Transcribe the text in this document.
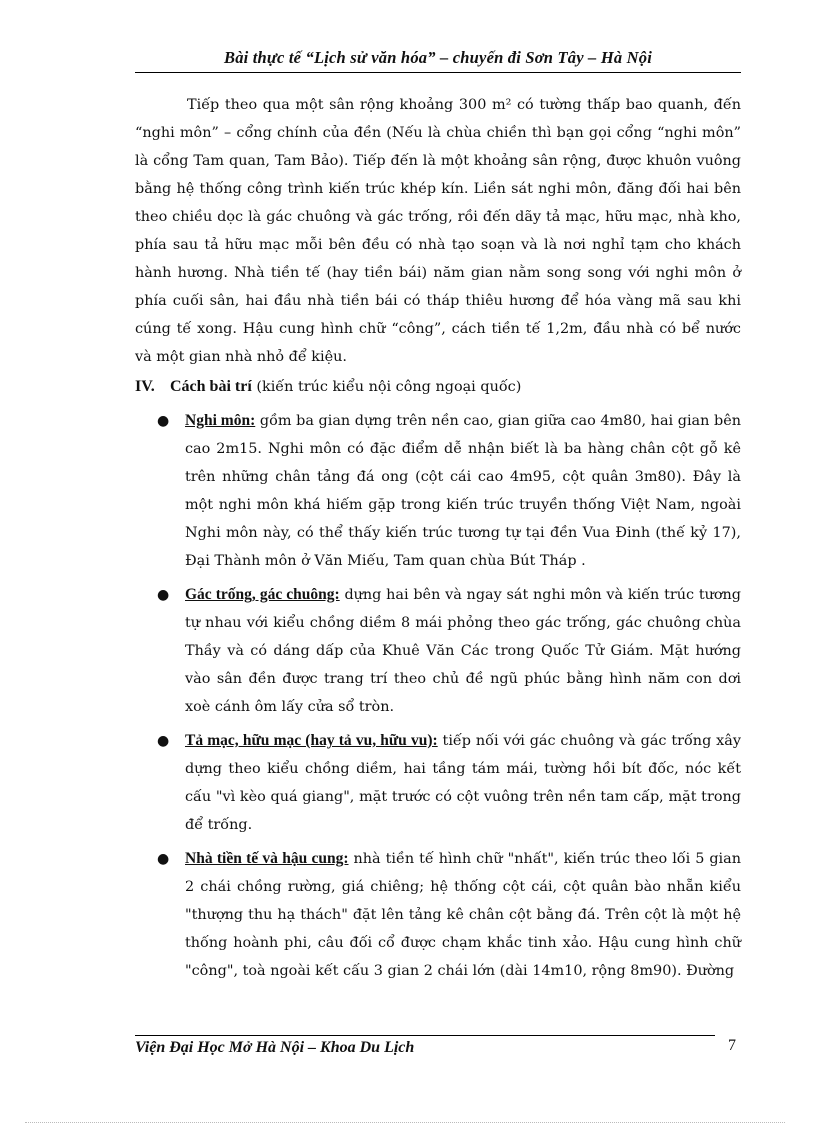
Bài thực tế “Lịch sử văn hóa” – chuyến đi Sơn Tây – Hà Nội

Tiếp theo qua một sân rộng khoảng 300 m² có tường thấp bao quanh, đến “nghi môn” – cổng chính của đền (Nếu là chùa chiền thì bạn gọi cổng “nghi môn” là cổng Tam quan, Tam Bảo). Tiếp đến là một khoảng sân rộng, được khuôn vuông bằng hệ thống công trình kiến trúc khép kín. Liền sát nghi môn, đăng đối hai bên theo chiều dọc là gác chuông và gác trống, rồi đến dãy tả mạc, hữu mạc, nhà kho, phía sau tả hữu mạc mỗi bên đều có nhà tạo soạn và là nơi nghỉ tạm cho khách hành hương. Nhà tiền tế (hay tiền bái) năm gian nằm song song với nghi môn ở phía cuối sân, hai đầu nhà tiền bái có tháp thiêu hương để hóa vàng mã sau khi cúng tế xong. Hậu cung hình chữ “công”, cách tiền tế 1,2m, đầu nhà có bể nước và một gian nhà nhỏ để kiệu.

IV. Cách bài trí (kiến trúc kiểu nội công ngoại quốc)

● Nghi môn: gồm ba gian dựng trên nền cao, gian giữa cao 4m80, hai gian bên cao 2m15. Nghi môn có đặc điểm dễ nhận biết là ba hàng chân cột gỗ kê trên những chân tảng đá ong (cột cái cao 4m95, cột quân 3m80). Đây là một nghi môn khá hiếm gặp trong kiến trúc truyền thống Việt Nam, ngoài Nghi môn này, có thể thấy kiến trúc tương tự tại đền Vua Đinh (thế kỷ 17), Đại Thành môn ở Văn Miếu, Tam quan chùa Bút Tháp .
● Gác trống, gác chuông: dựng hai bên và ngay sát nghi môn và kiến trúc tương tự nhau với kiểu chồng diềm 8 mái phỏng theo gác trống, gác chuông chùa Thầy và có dáng dấp của Khuê Văn Các trong Quốc Tử Giám. Mặt hướng vào sân đền được trang trí theo chủ đề ngũ phúc bằng hình năm con dơi xoè cánh ôm lấy cửa sổ tròn.
● Tả mạc, hữu mạc (hay tả vu, hữu vu): tiếp nối với gác chuông và gác trống xây dựng theo kiểu chồng diềm, hai tầng tám mái, tường hồi bít đốc, nóc kết cấu "vì kèo quá giang", mặt trước có cột vuông trên nền tam cấp, mặt trong để trống.
● Nhà tiền tế và hậu cung: nhà tiền tế hình chữ "nhất", kiến trúc theo lối 5 gian 2 chái chồng rường, giá chiêng; hệ thống cột cái, cột quân bào nhẵn kiểu "thượng thu hạ thách" đặt lên tảng kê chân cột bằng đá. Trên cột là một hệ thống hoành phi, câu đối cổ được chạm khắc tinh xảo. Hậu cung hình chữ "công", toà ngoài kết cấu 3 gian 2 chái lớn (dài 14m10, rộng 8m90). Đường
Viện Đại Học Mở Hà Nội – Khoa Du Lịch	7
